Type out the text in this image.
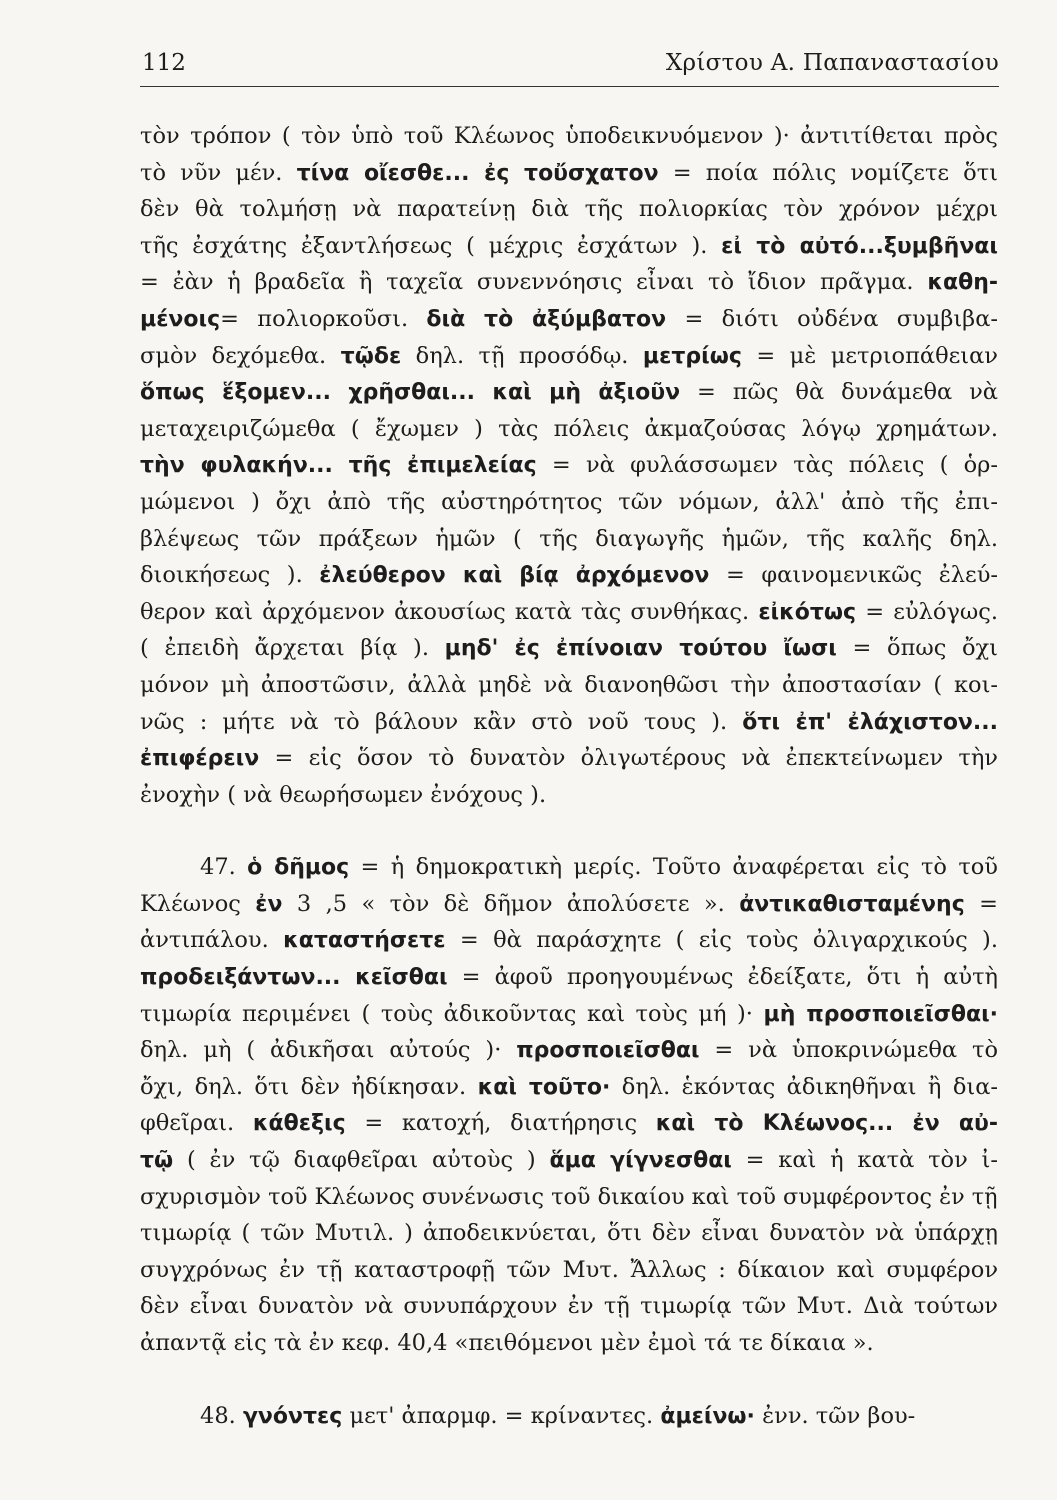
112	Χρίστου Α. Παπαναστασίου
τὸν τρόπον ( τὸν ὑπὸ τοῦ Κλέωνος ὑποδεικνυόμενον )· ἀντιτίθεται πρὸς
τὸ νῦν μέν. τίνα οἴεσθε... ἐς τοὔσχατον = ποία πόλις νομίζετε ὅτι
δὲν θὰ τολμήσῃ νὰ παρατείνῃ διὰ τῆς πολιορκίας τὸν χρόνον μέχρι
τῆς ἐσχάτης ἐξαντλήσεως ( μέχρις ἐσχάτων ). εἰ τὸ αὐτό...ξυμβῆναι
= ἐὰν ἡ βραδεῖα ἢ ταχεῖα συνεννόησις εἶναι τὸ ἴδιον πρᾶγμα. καθη-
μένοις= πολιορκοῦσι. διὰ τὸ ἀξύμβατον = διότι οὐδένα συμβιβα-
σμὸν δεχόμεθα. τῷδε δηλ. τῇ προσόδῳ. μετρίως = μὲ μετριοπάθειαν
ὅπως ἕξομεν... χρῆσθαι... καὶ μὴ ἀξιοῦν = πῶς θὰ δυνάμεθα νὰ
μεταχειριζώμεθα ( ἔχωμεν ) τὰς πόλεις ἀκμαζούσας λόγῳ χρημάτων.
τὴν φυλακήν... τῆς ἐπιμελείας = νὰ φυλάσσωμεν τὰς πόλεις ( ὁρ-
μώμενοι ) ὄχι ἀπὸ τῆς αὐστηρότητος τῶν νόμων, ἀλλ' ἀπὸ τῆς ἐπι-
βλέψεως τῶν πράξεων ἡμῶν ( τῆς διαγωγῆς ἡμῶν, τῆς καλῆς δηλ.
διοικήσεως ). ἐλεύθερον καὶ βίᾳ ἀρχόμενον = φαινομενικῶς ἐλεύ-
θερον καὶ ἀρχόμενον ἀκουσίως κατὰ τὰς συνθήκας. εἰκότως = εὐλόγως.
( ἐπειδὴ ἄρχεται βίᾳ ). μηδ' ἐς ἐπίνοιαν τούτου ἴωσι = ὅπως ὄχι
μόνον μὴ ἀποστῶσιν, ἀλλὰ μηδὲ νὰ διανοηθῶσι τὴν ἀποστασίαν ( κοι-
νῶς : μήτε νὰ τὸ βάλουν κἂν στὸ νοῦ τους ). ὅτι ἐπ' ἐλάχιστον...
ἐπιφέρειν = εἰς ὅσον τὸ δυνατὸν ὀλιγωτέρους νὰ ἐπεκτείνωμεν τὴν
ἐνοχὴν ( νὰ θεωρήσωμεν ἐνόχους ).
47. ὁ δῆμος = ἡ δημοκρατικὴ μερίς. Τοῦτο ἀναφέρεται εἰς τὸ τοῦ
Κλέωνος ἐν 3 ,5 « τὸν δὲ δῆμον ἀπολύσετε ». ἀντικαθισταμένης =
ἀντιπάλου. καταστήσετε = θὰ παράσχητε ( εἰς τοὺς ὀλιγαρχικούς ).
προδειξάντων... κεῖσθαι = ἀφοῦ προηγουμένως ἐδείξατε, ὅτι ἡ αὐτὴ
τιμωρία περιμένει ( τοὺς ἀδικοῦντας καὶ τοὺς μή )· μὴ προσποιεῖσθαι·
δηλ. μὴ ( ἀδικῆσαι αὐτούς )· προσποιεῖσθαι = νὰ ὑποκρινώμεθα τὸ
ὄχι, δηλ. ὅτι δὲν ἠδίκησαν. καὶ τοῦτο· δηλ. ἑκόντας ἀδικηθῆναι ἢ δια-
φθεῖραι. κάθεξις = κατοχή, διατήρησις καὶ τὸ Κλέωνος... ἐν αὐ-
τῷ ( ἐν τῷ διαφθεῖραι αὐτοὺς ) ἅμα γίγνεσθαι = καὶ ἡ κατὰ τὸν ἰ-
σχυρισμὸν τοῦ Κλέωνος συνένωσις τοῦ δικαίου καὶ τοῦ συμφέροντος ἐν τῇ
τιμωρίᾳ ( τῶν Μυτιλ. ) ἀποδεικνύεται, ὅτι δὲν εἶναι δυνατὸν νὰ ὑπάρχῃ
συγχρόνως ἐν τῇ καταστροφῇ τῶν Μυτ. Ἄλλως : δίκαιον καὶ συμφέρον
δὲν εἶναι δυνατὸν νὰ συνυπάρχουν ἐν τῇ τιμωρίᾳ τῶν Μυτ. Διὰ τούτων
ἀπαντᾷ εἰς τὰ ἐν κεφ. 40,4 «πειθόμενοι μὲν ἐμοὶ τά τε δίκαια ».
48. γνόντες μετ' ἀπαρμφ. = κρίναντες. ἀμείνω· ἐνν. τῶν βου-
